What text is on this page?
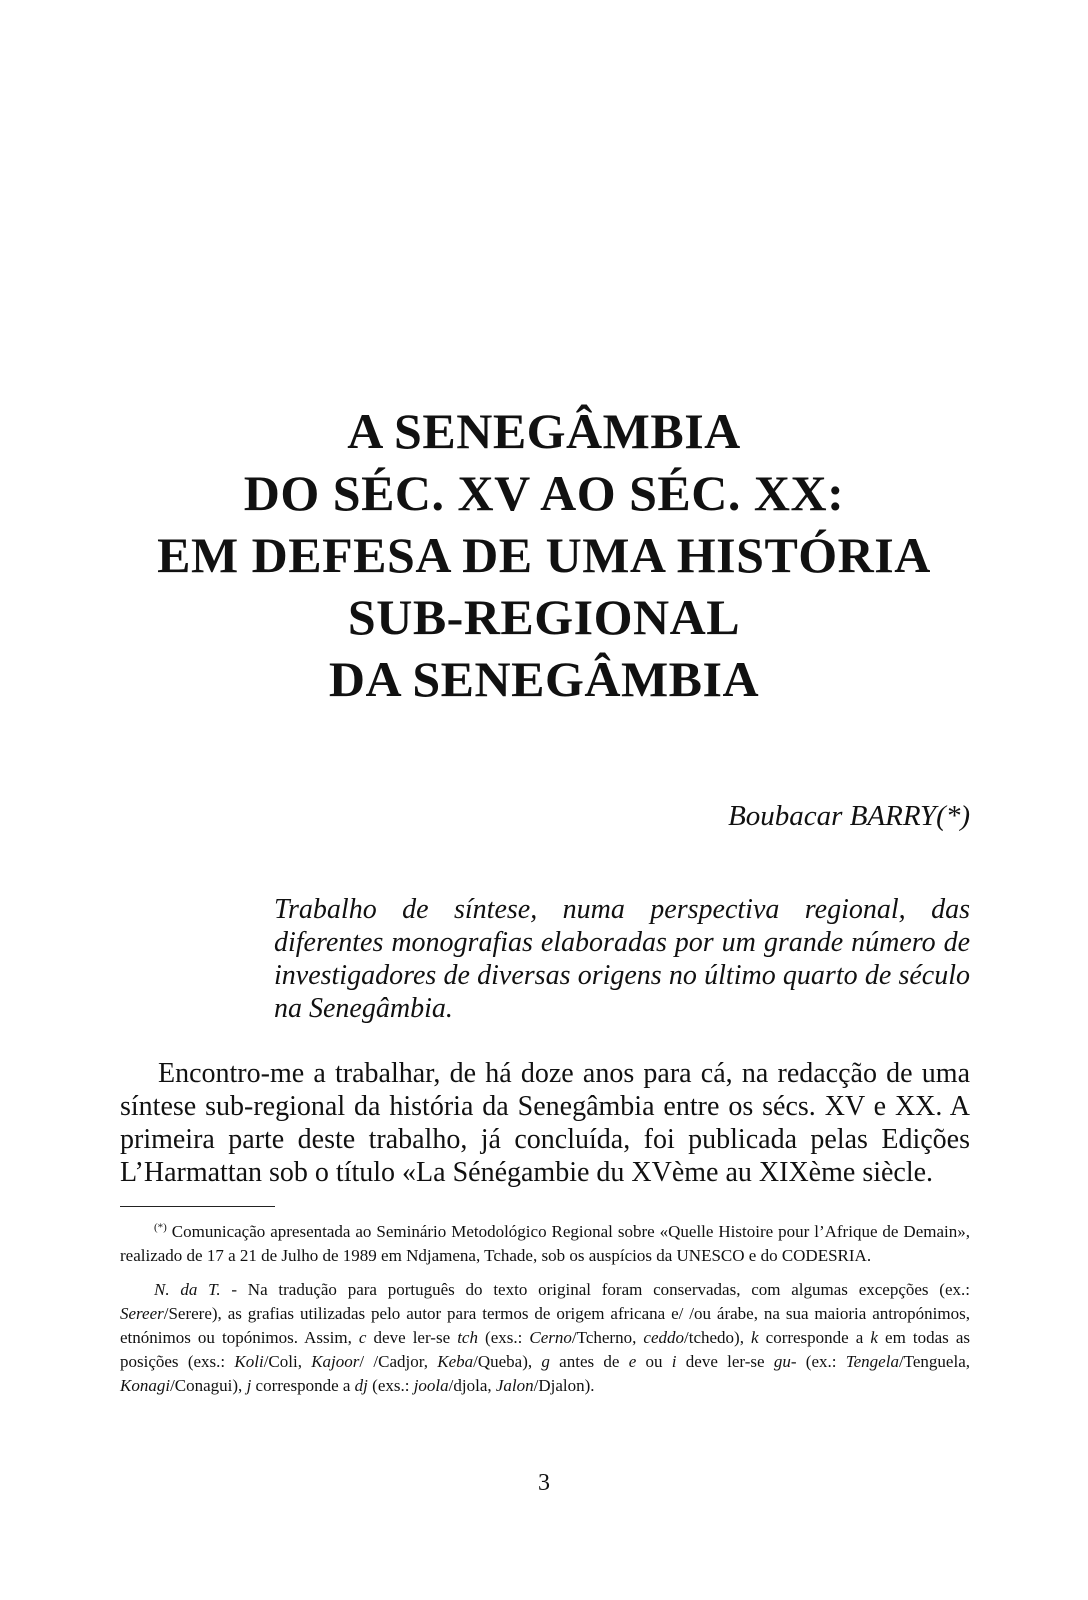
A SENEGÂMBIA
DO SÉC. XV AO SÉC. XX:
EM DEFESA DE UMA HISTÓRIA
SUB-REGIONAL
DA SENEGÂMBIA
Boubacar BARRY(*)
Trabalho de síntese, numa perspectiva regional, das diferentes monografias elaboradas por um grande número de investigadores de diversas origens no último quarto de século na Senegâmbia.
Encontro-me a trabalhar, de há doze anos para cá, na redacção de uma síntese sub-regional da história da Senegâmbia entre os sécs. XV e XX. A primeira parte deste trabalho, já concluída, foi publicada pelas Edições L’Harmattan sob o título «La Sénégambie du XVème au XIXème siècle.

(*) Comunicação apresentada ao Seminário Metodológico Regional sobre «Quelle Histoire pour l’Afrique de Demain», realizado de 17 a 21 de Julho de 1989 em Ndjamena, Tchade, sob os auspícios da UNESCO e do CODESRIA.

N. da T. - Na tradução para português do texto original foram conservadas, com algumas excepções (ex.: Sereer/Serere), as grafias utilizadas pelo autor para termos de origem africana e/ /ou árabe, na sua maioria antropónimos, etnónimos ou topónimos. Assim, c deve ler-se tch (exs.: Cerno/Tcherno, ceddo/tchedo), k corresponde a k em todas as posições (exs.: Koli/Coli, Kajoor/ /Cadjor, Keba/Queba), g antes de e ou i deve ler-se gu- (ex.: Tengela/Tenguela, Konagi/Conagui), j corresponde a dj (exs.: joola/djola, Jalon/Djalon).

3
